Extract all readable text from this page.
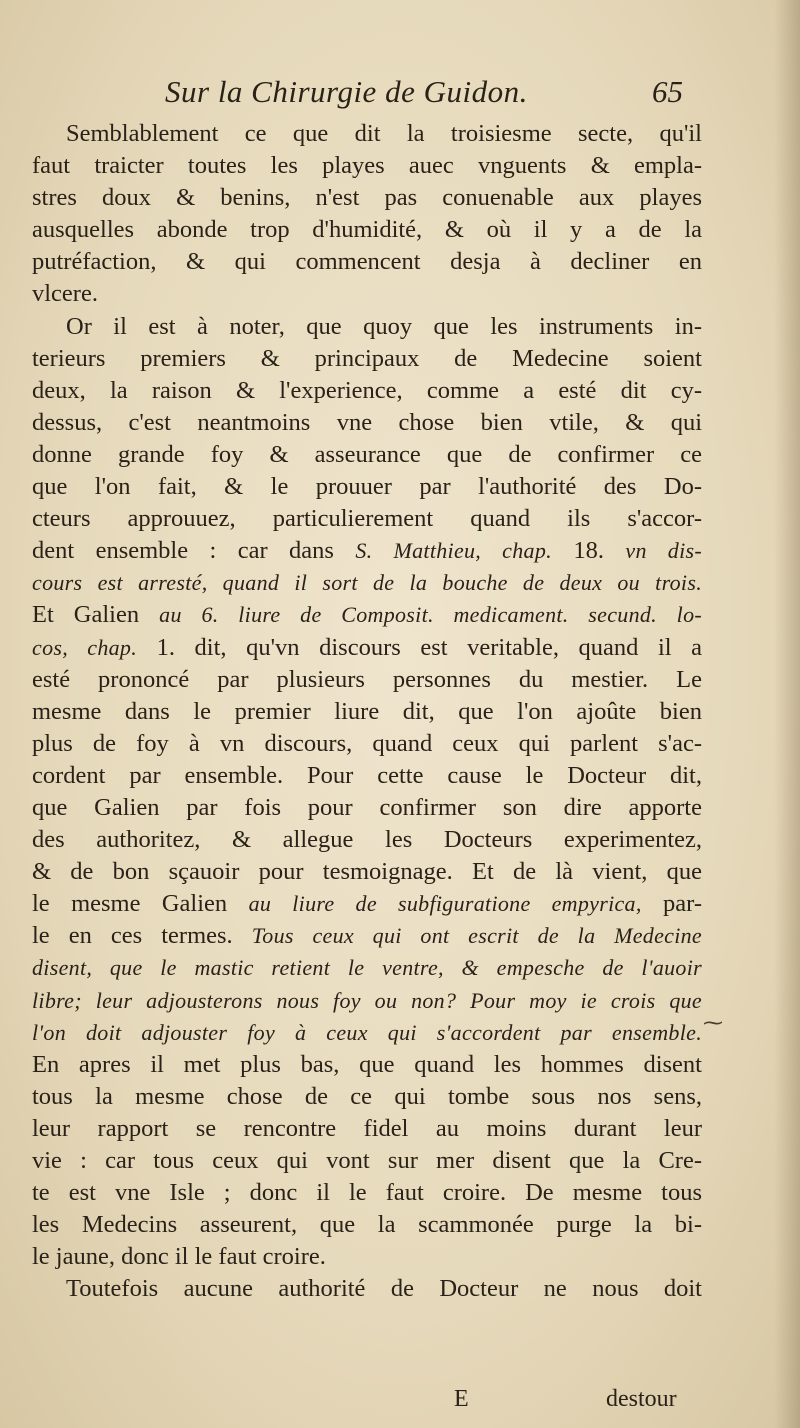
Sur la Chirurgie de Guidon.	65
Semblablement ce que dit la troisiesme secte, qu'il
faut traicter toutes les playes auec vnguents & empla-
stres doux & benins, n'est pas conuenable aux playes
ausquelles abonde trop d'humidité, & où il y a de la
putréfaction, & qui commencent desja à decliner en
vlcere.
Or il est à noter, que quoy que les instruments in-
terieurs premiers & principaux de Medecine soient
deux, la raison & l'experience, comme a esté dit cy-
dessus, c'est neantmoins vne chose bien vtile, & qui
donne grande foy & asseurance que de confirmer ce
que l'on fait, & le prouuer par l'authorité des Do-
cteurs approuuez, particulierement quand ils s'accor-
dent ensemble : car dans S. Matthieu, chap. 18. vn dis-
cours est arresté, quand il sort de la bouche de deux ou trois.
Et Galien au 6. liure de Composit. medicament. secund. lo-
cos, chap. 1. dit, qu'vn discours est veritable, quand il a
esté prononcé par plusieurs personnes du mestier. Le
mesme dans le premier liure dit, que l'on ajoûte bien
plus de foy à vn discours, quand ceux qui parlent s'ac-
cordent par ensemble. Pour cette cause le Docteur dit,
que Galien par fois pour confirmer son dire apporte
des authoritez, & allegue les Docteurs experimentez,
& de bon sçauoir pour tesmoignage. Et de là vient, que
le mesme Galien au liure de subfiguratione empyrica, par-
le en ces termes. Tous ceux qui ont escrit de la Medecine
disent, que le mastic retient le ventre, & empesche de l'auoir
libre; leur adjousterons nous foy ou non? Pour moy ie crois que
l'on doit adjouster foy à ceux qui s'accordent par ensemble.
En apres il met plus bas, que quand les hommes disent
tous la mesme chose de ce qui tombe sous nos sens,
leur rapport se rencontre fidel au moins durant leur
vie : car tous ceux qui vont sur mer disent que la Cre-
te est vne Isle ; donc il le faut croire. De mesme tous
les Medecins asseurent, que la scammonée purge la bi-
le jaune, donc il le faut croire.
Toutefois aucune authorité de Docteur ne nous doit
⁓
E	destour
